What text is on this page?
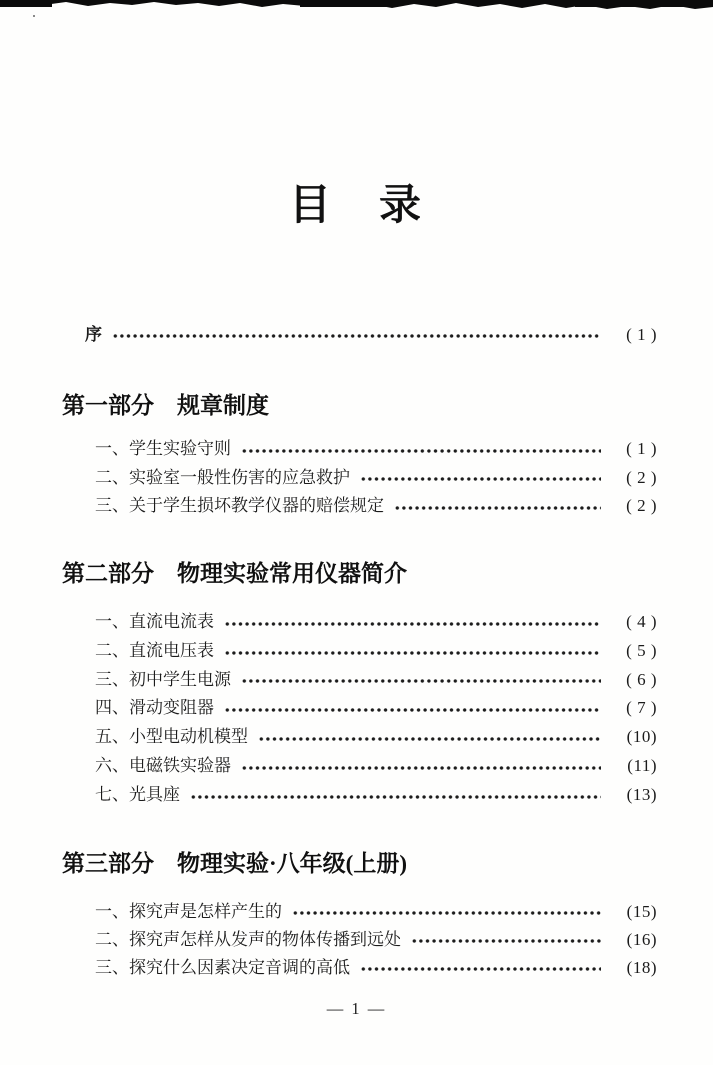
目　录
序	( 1 )
第一部分　规章制度
一、学生实验守则	( 1 )
二、实验室一般性伤害的应急救护	( 2 )
三、关于学生损坏教学仪器的赔偿规定	( 2 )
第二部分　物理实验常用仪器简介
一、直流电流表	( 4 )
二、直流电压表	( 5 )
三、初中学生电源	( 6 )
四、滑动变阻器	( 7 )
五、小型电动机模型	(10)
六、电磁铁实验器	(11)
七、光具座	(13)
第三部分　物理实验·八年级(上册)
一、探究声是怎样产生的	(15)
二、探究声怎样从发声的物体传播到远处	(16)
三、探究什么因素决定音调的高低	(18)
— 1 —
